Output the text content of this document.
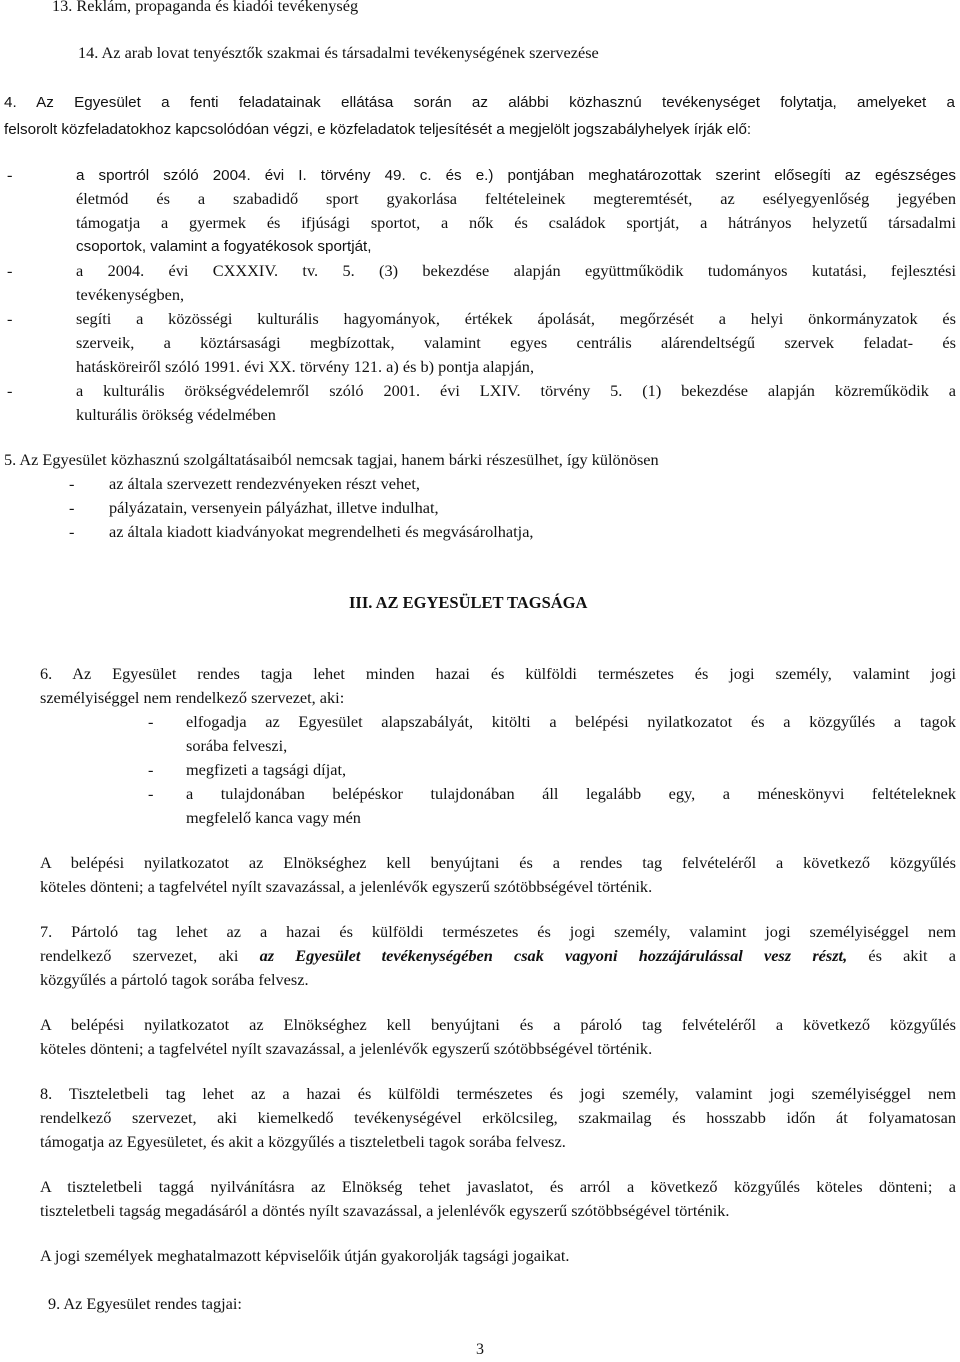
13. Reklám, propaganda és kiadói tevékenység
14. Az arab lovat tenyésztők szakmai és társadalmi tevékenységének szervezése
4. Az Egyesület a fenti feladatainak ellátása során az alábbi közhasznú tevékenységet folytatja, amelyeket a
felsorolt közfeladatokhoz kapcsolódóan végzi, e közfeladatok teljesítését a megjelölt jogszabályhelyek írják elő:
-	a sportról szóló 2004. évi I. törvény 49. c. és e.) pontjában meghatározottak szerint elősegíti az egészséges
életmód és a szabadidő sport gyakorlása feltételeinek megteremtését, az esélyegyenlőség jegyében
támogatja a gyermek és ifjúsági sportot, a nők és családok sportját, a hátrányos helyzetű társadalmi
csoportok, valamint a fogyatékosok sportját,
-	a 2004. évi CXXXIV. tv. 5. (3) bekezdése alapján együttműködik tudományos kutatási, fejlesztési
tevékenységben,
-	segíti a közösségi kulturális hagyományok, értékek ápolását, megőrzését a helyi önkormányzatok és
szerveik, a köztársasági megbízottak, valamint egyes centrális alárendeltségű szervek feladat- és
hatásköreiről szóló 1991. évi XX. törvény 121. a) és b) pontja alapján,
-	a kulturális örökségvédelemről szóló 2001. évi LXIV. törvény 5. (1) bekezdése alapján közreműködik a
kulturális örökség védelmében
5. Az Egyesület közhasznú szolgáltatásaiból nemcsak tagjai, hanem bárki részesülhet, így különösen
- az általa szervezett rendezvényeken részt vehet,
- pályázatain, versenyein pályázhat, illetve indulhat,
- az általa kiadott kiadványokat megrendelheti és megvásárolhatja,
III. AZ EGYESÜLET TAGSÁGA
6. Az Egyesület rendes tagja lehet minden hazai és külföldi természetes és jogi személy, valamint jogi
személyiséggel nem rendelkező szervezet, aki:
- elfogadja az Egyesület alapszabályát, kitölti a belépési nyilatkozatot és a közgyűlés a tagok
sorába felveszi,
- megfizeti a tagsági díjat,
- a tulajdonában belépéskor tulajdonában áll legalább egy, a méneskönyvi feltételeknek
megfelelő kanca vagy mén
A belépési nyilatkozatot az Elnökséghez kell benyújtani és a rendes tag felvételéről a következő közgyűlés
köteles dönteni; a tagfelvétel nyílt szavazással, a jelenlévők egyszerű szótöbbségével történik.
7. Pártoló tag lehet az a hazai és külföldi természetes és jogi személy, valamint jogi személyiséggel nem
rendelkező szervezet, aki az Egyesület tevékenységében csak vagyoni hozzájárulással vesz részt, és akit a
közgyűlés a pártoló tagok sorába felvesz.
A belépési nyilatkozatot az Elnökséghez kell benyújtani és a pároló tag felvételéről a következő közgyűlés
köteles dönteni; a tagfelvétel nyílt szavazással, a jelenlévők egyszerű szótöbbségével történik.
8. Tiszteletbeli tag lehet az a hazai és külföldi természetes és jogi személy, valamint jogi személyiséggel nem
rendelkező szervezet, aki kiemelkedő tevékenységével erkölcsileg, szakmailag és hosszabb időn át folyamatosan
támogatja az Egyesületet, és akit a közgyűlés a tiszteletbeli tagok sorába felvesz.
A tiszteletbeli taggá nyilvánításra az Elnökség tehet javaslatot, és arról a következő közgyűlés köteles dönteni; a
tiszteletbeli tagság megadásáról a döntés nyílt szavazással, a jelenlévők egyszerű szótöbbségével történik.
A jogi személyek meghatalmazott képviselőik útján gyakorolják tagsági jogaikat.
9. Az Egyesület rendes tagjai:
3
